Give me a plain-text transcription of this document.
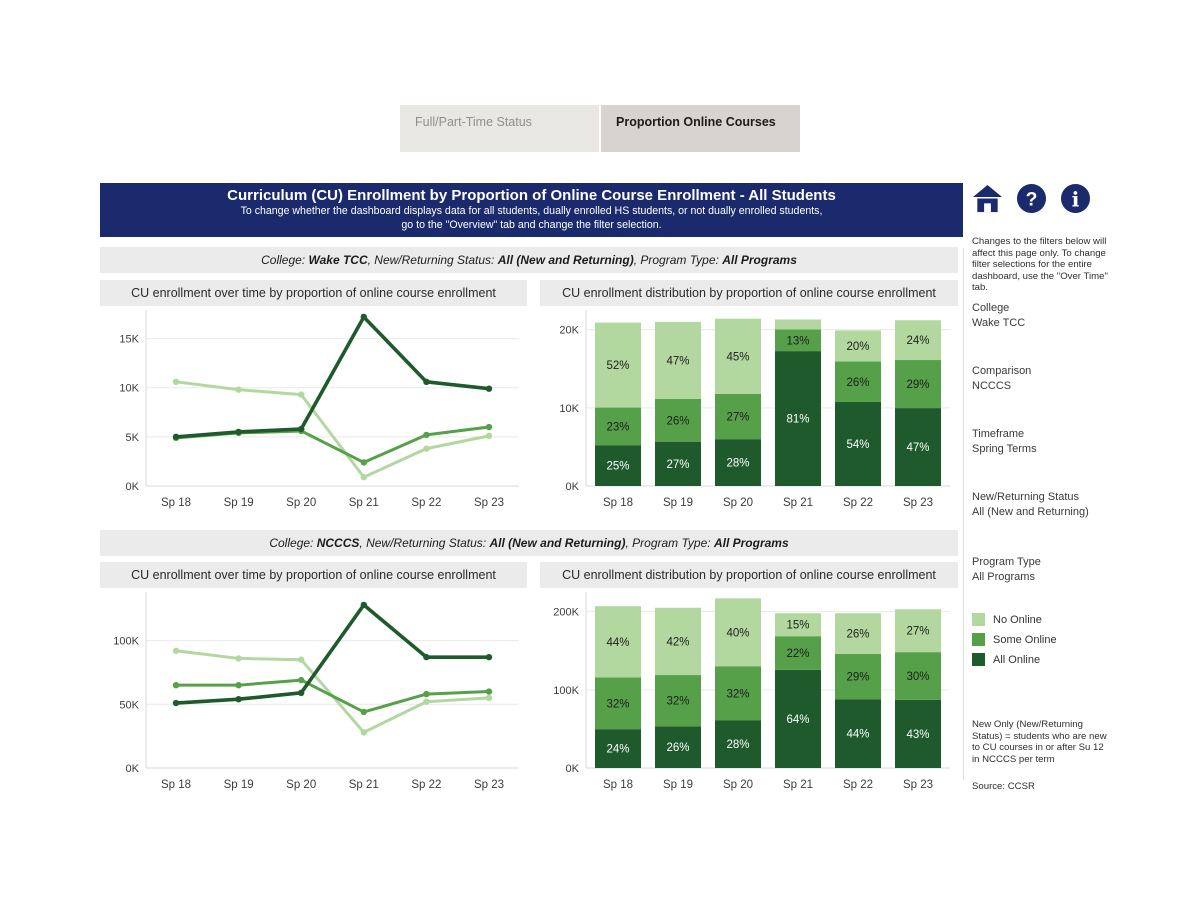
Full/Part-Time Status	Proportion Online Courses
Curriculum (CU) Enrollment by Proportion of Online Course Enrollment - All Students
To change whether the dashboard displays data for all students, dually enrolled HS students, or not dually enrolled students,
go to the "Overview" tab and change the filter selection.
College: Wake TCC , New/Returning Status: All (New and Returning) , Program Type: All Programs
CU enrollment over time by proportion of online course enrollment	CU enrollment distribution by proportion of online course enrollment
0K
5K
10K
15K
Sp 18	Sp 19	Sp 20	Sp 21	Sp 22	Sp 23
0K
10K
20K
Sp 18	Sp 19	Sp 20	Sp 21	Sp 22	Sp 23
25%
23%
52%
27%
26%
47%
28%
27%
45%
81%
13%
54%
26%
20%
47%
29%
24%
College: NCCCS , New/Returning Status: All (New and Returning) , Program Type: All Programs
CU enrollment over time by proportion of online course enrollment	CU enrollment distribution by proportion of online course enrollment
0K
50K
100K
Sp 18	Sp 19	Sp 20	Sp 21	Sp 22	Sp 23
0K
100K
200K
Sp 18	Sp 19	Sp 20	Sp 21	Sp 22	Sp 23
24%
32%
44%
26%
32%
42%
28%
32%
40%
64%
22%
15%
44%
29%
26%
43%
30%
27%
? i
Changes to the filters below will affect this page only. To change filter selections for the entire dashboard, use the "Over Time" tab.
College
Wake TCC
Comparison
NCCCS
Timeframe
Spring Terms
New/Returning Status
All (New and Returning)
Program Type
All Programs
No Online
Some Online
All Online
New Only (New/Returning Status) = students who are new to CU courses in or after Su 12 in NCCCS per term
Source: CCSR
